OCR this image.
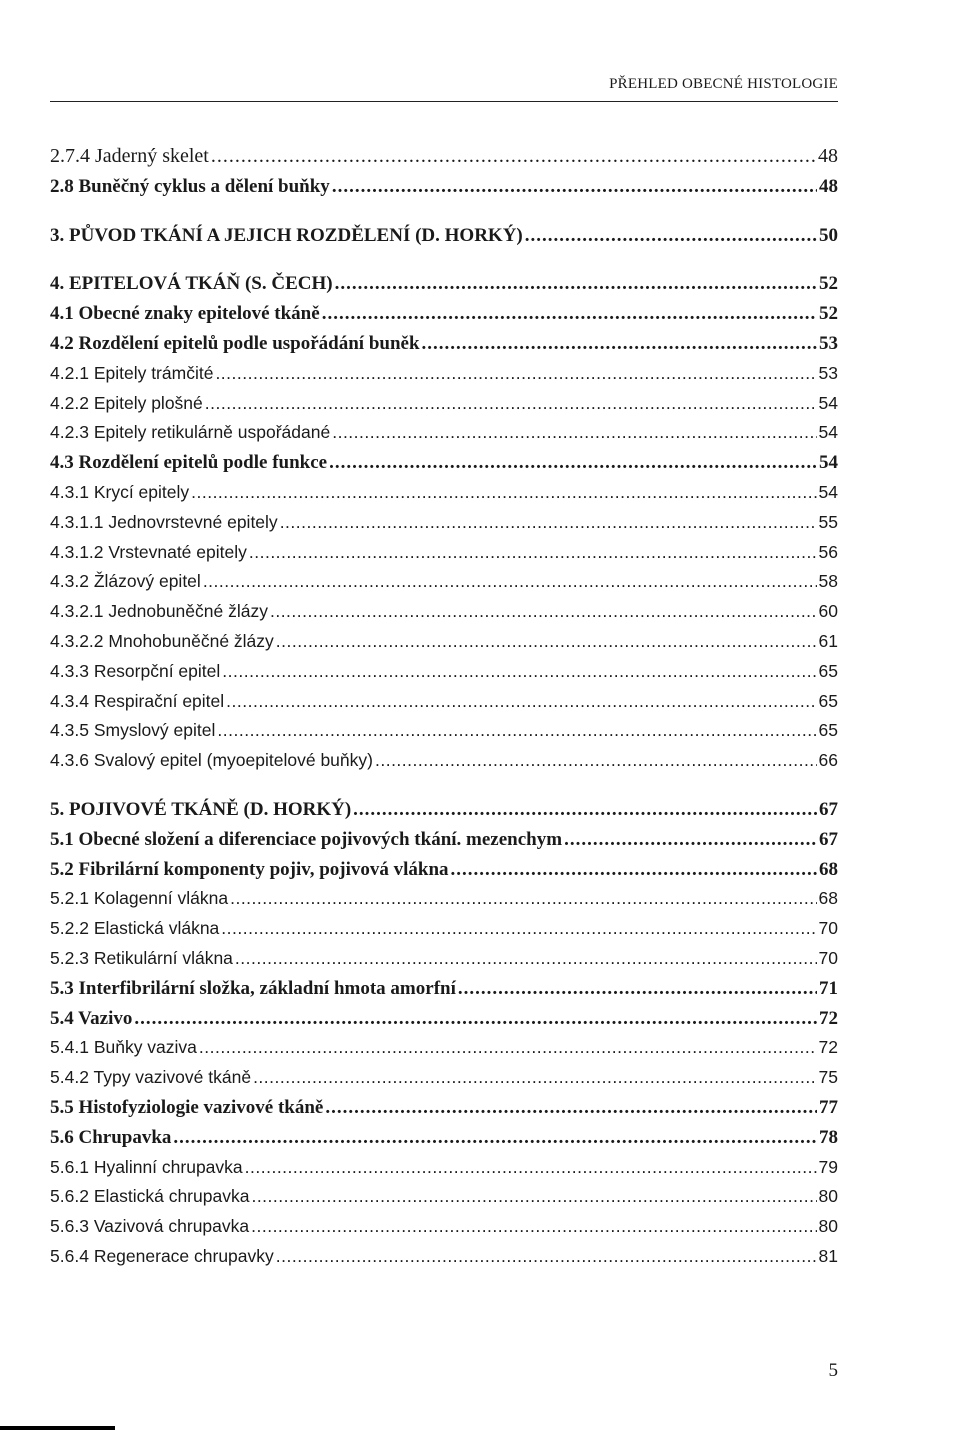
PŘEHLED OBECNÉ HISTOLOGIE
2.7.4 Jaderný skelet .....	48
2.8 Buněčný cyklus a dělení buňky .....	48
3. PŮVOD TKÁNÍ A JEJICH ROZDĚLENÍ (D. HORKÝ) .....	50
4. EPITELOVÁ TKÁŇ (S. ČECH) .....	52
4.1 Obecné znaky epitelové tkáně .....	52
4.2 Rozdělení epitelů podle uspořádání buněk .....	53
4.2.1 Epitely trámčité .....	53
4.2.2 Epitely plošné .....	54
4.2.3 Epitely retikulárně uspořádané .....	54
4.3 Rozdělení epitelů podle funkce .....	54
4.3.1 Krycí epitely .....	54
4.3.1.1 Jednovrstevné epitely .....	55
4.3.1.2 Vrstevnaté epitely .....	56
4.3.2 Žlázový epitel .....	58
4.3.2.1 Jednobuněčné žlázy .....	60
4.3.2.2 Mnohobuněčné žlázy .....	61
4.3.3 Resorpční epitel .....	65
4.3.4 Respirační epitel .....	65
4.3.5 Smyslový epitel .....	65
4.3.6 Svalový epitel (myoepitelové buňky) .....	66
5. POJIVOVÉ TKÁNĚ (D. HORKÝ) .....	67
5.1 Obecné složení a diferenciace pojivových tkání. mezenchym .....	67
5.2 Fibrilární komponenty pojiv, pojivová vlákna .....	68
5.2.1 Kolagenní vlákna .....	68
5.2.2 Elastická vlákna .....	70
5.2.3 Retikulární vlákna .....	70
5.3 Interfibrilární složka, základní hmota amorfní .....	71
5.4 Vazivo .....	72
5.4.1 Buňky vaziva .....	72
5.4.2 Typy vazivové tkáně .....	75
5.5 Histofyziologie vazivové tkáně .....	77
5.6 Chrupavka .....	78
5.6.1 Hyalinní chrupavka .....	79
5.6.2 Elastická chrupavka .....	80
5.6.3 Vazivová chrupavka .....	80
5.6.4 Regenerace chrupavky .....	81
5
